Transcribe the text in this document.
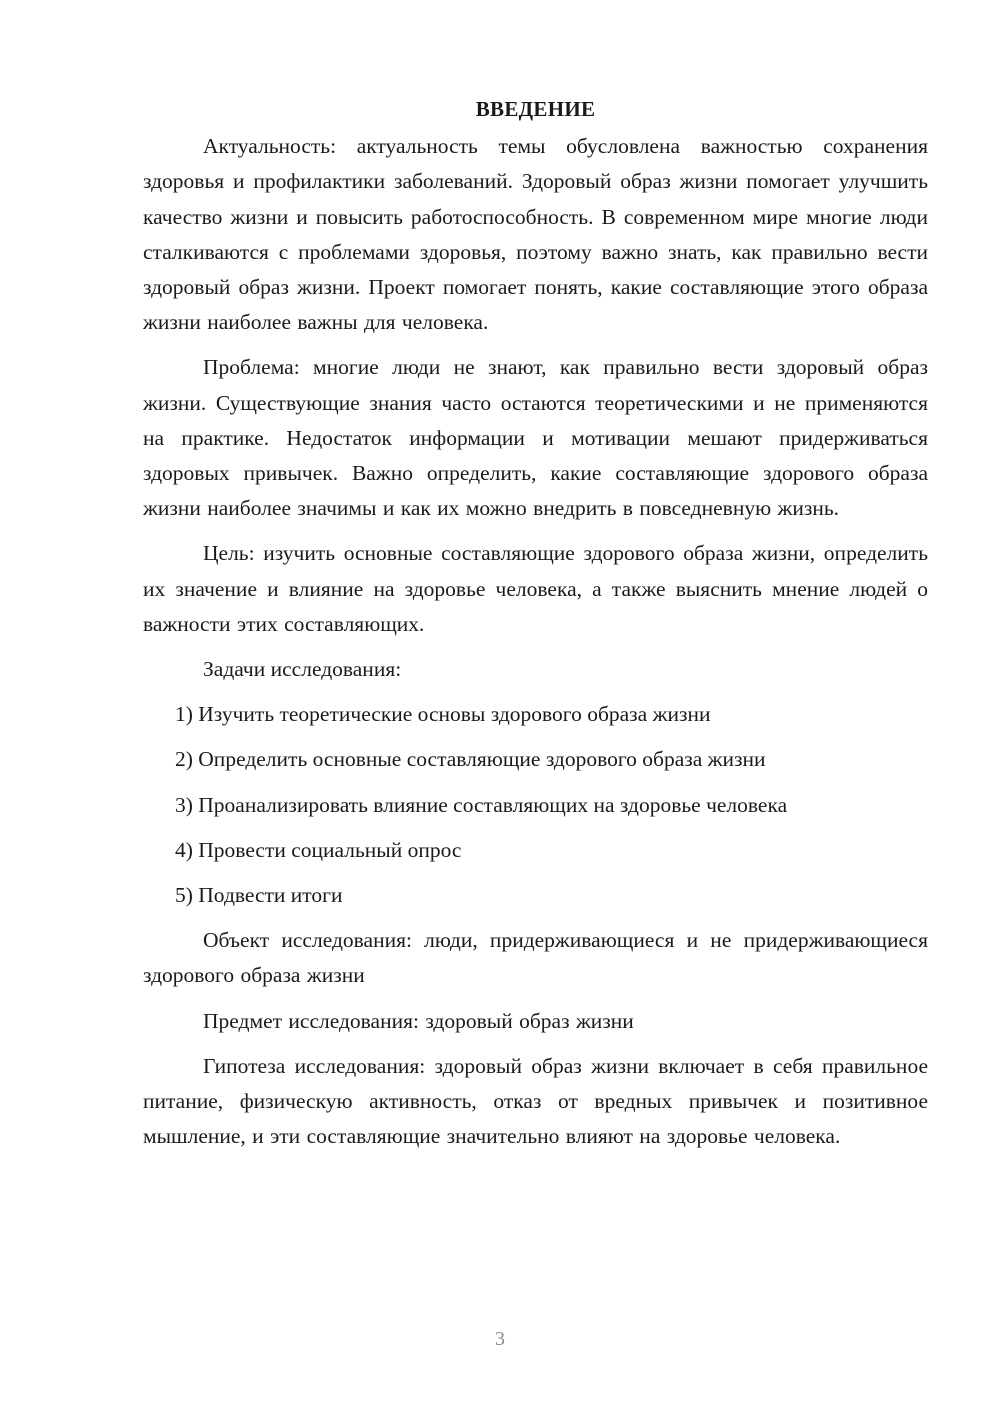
ВВЕДЕНИЕ

Актуальность: актуальность темы обусловлена важностью сохранения здоровья и профилактики заболеваний. Здоровый образ жизни помогает улучшить качество жизни и повысить работоспособность. В современном мире многие люди сталкиваются с проблемами здоровья, поэтому важно знать, как правильно вести здоровый образ жизни. Проект помогает понять, какие составляющие этого образа жизни наиболее важны для человека.

Проблема: многие люди не знают, как правильно вести здоровый образ жизни. Существующие знания часто остаются теоретическими и не применяются на практике. Недостаток информации и мотивации мешают придерживаться здоровых привычек. Важно определить, какие составляющие здорового образа жизни наиболее значимы и как их можно внедрить в повседневную жизнь.

Цель: изучить основные составляющие здорового образа жизни, определить их значение и влияние на здоровье человека, а также выяснить мнение людей о важности этих составляющих.

Задачи исследования:

1) Изучить теоретические основы здорового образа жизни
2) Определить основные составляющие здорового образа жизни
3) Проанализировать влияние составляющих на здоровье человека
4) Провести социальный опрос
5) Подвести итоги

Объект исследования: люди, придерживающиеся и не придерживающиеся здорового образа жизни

Предмет исследования: здоровый образ жизни

Гипотеза исследования: здоровый образ жизни включает в себя правильное питание, физическую активность, отказ от вредных привычек и позитивное мышление, и эти составляющие значительно влияют на здоровье человека.

3
